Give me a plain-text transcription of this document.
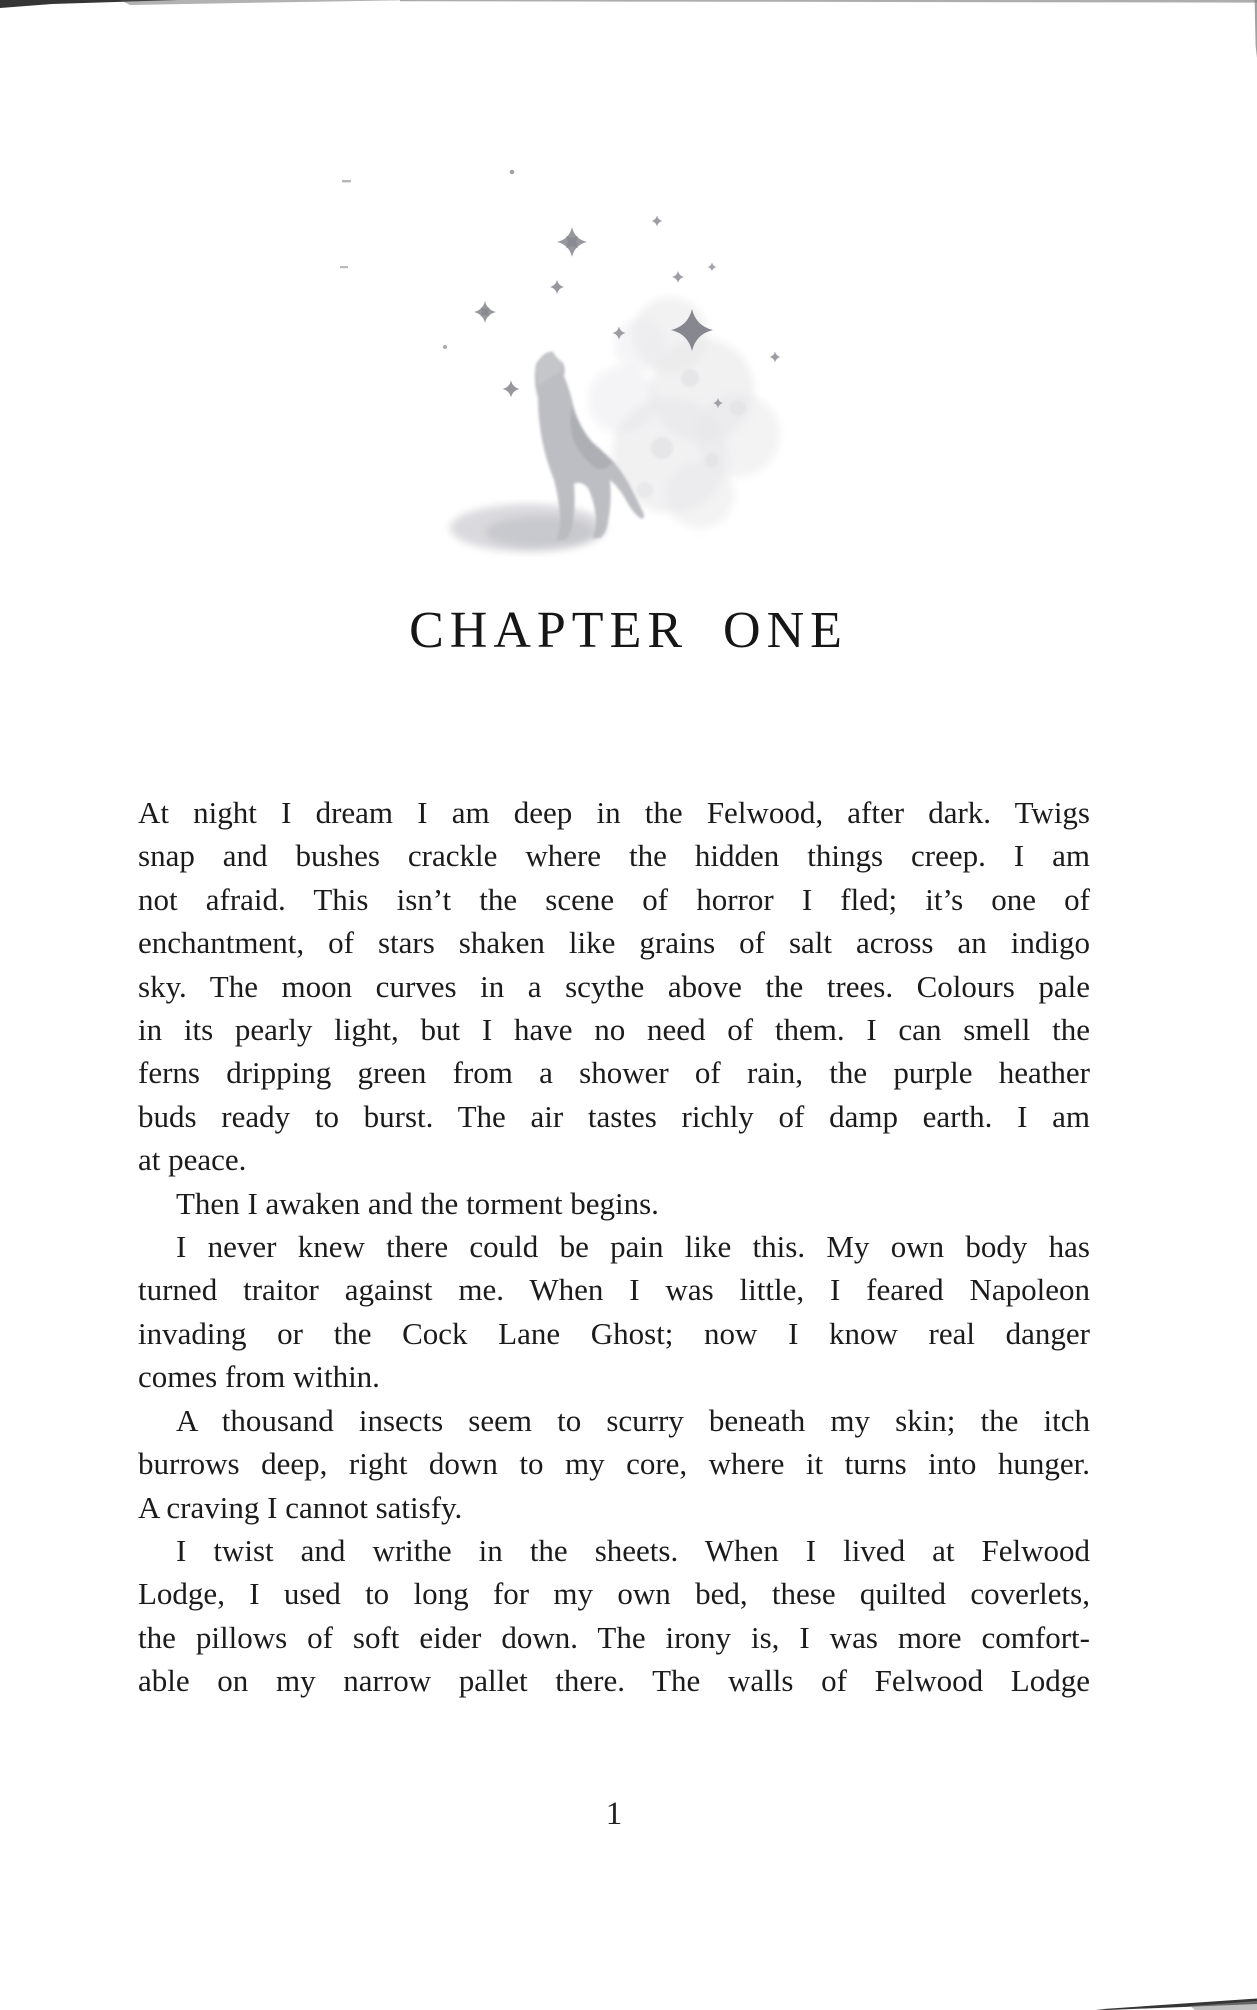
CHAPTER ONE
At night I dream I am deep in the Felwood, after dark. Twigs
snap and bushes crackle where the hidden things creep. I am
not afraid. This isn’t the scene of horror I fled; it’s one of
enchantment, of stars shaken like grains of salt across an indigo
sky. The moon curves in a scythe above the trees. Colours pale
in its pearly light, but I have no need of them. I can smell the
ferns dripping green from a shower of rain, the purple heather
buds ready to burst. The air tastes richly of damp earth. I am
at peace.
Then I awaken and the torment begins.
I never knew there could be pain like this. My own body has
turned traitor against me. When I was little, I feared Napoleon
invading or the Cock Lane Ghost; now I know real danger
comes from within.
A thousand insects seem to scurry beneath my skin; the itch
burrows deep, right down to my core, where it turns into hunger.
A craving I cannot satisfy.
I twist and writhe in the sheets. When I lived at Felwood
Lodge, I used to long for my own bed, these quilted coverlets,
the pillows of soft eider down. The irony is, I was more comfort-
able on my narrow pallet there. The walls of Felwood Lodge
1
